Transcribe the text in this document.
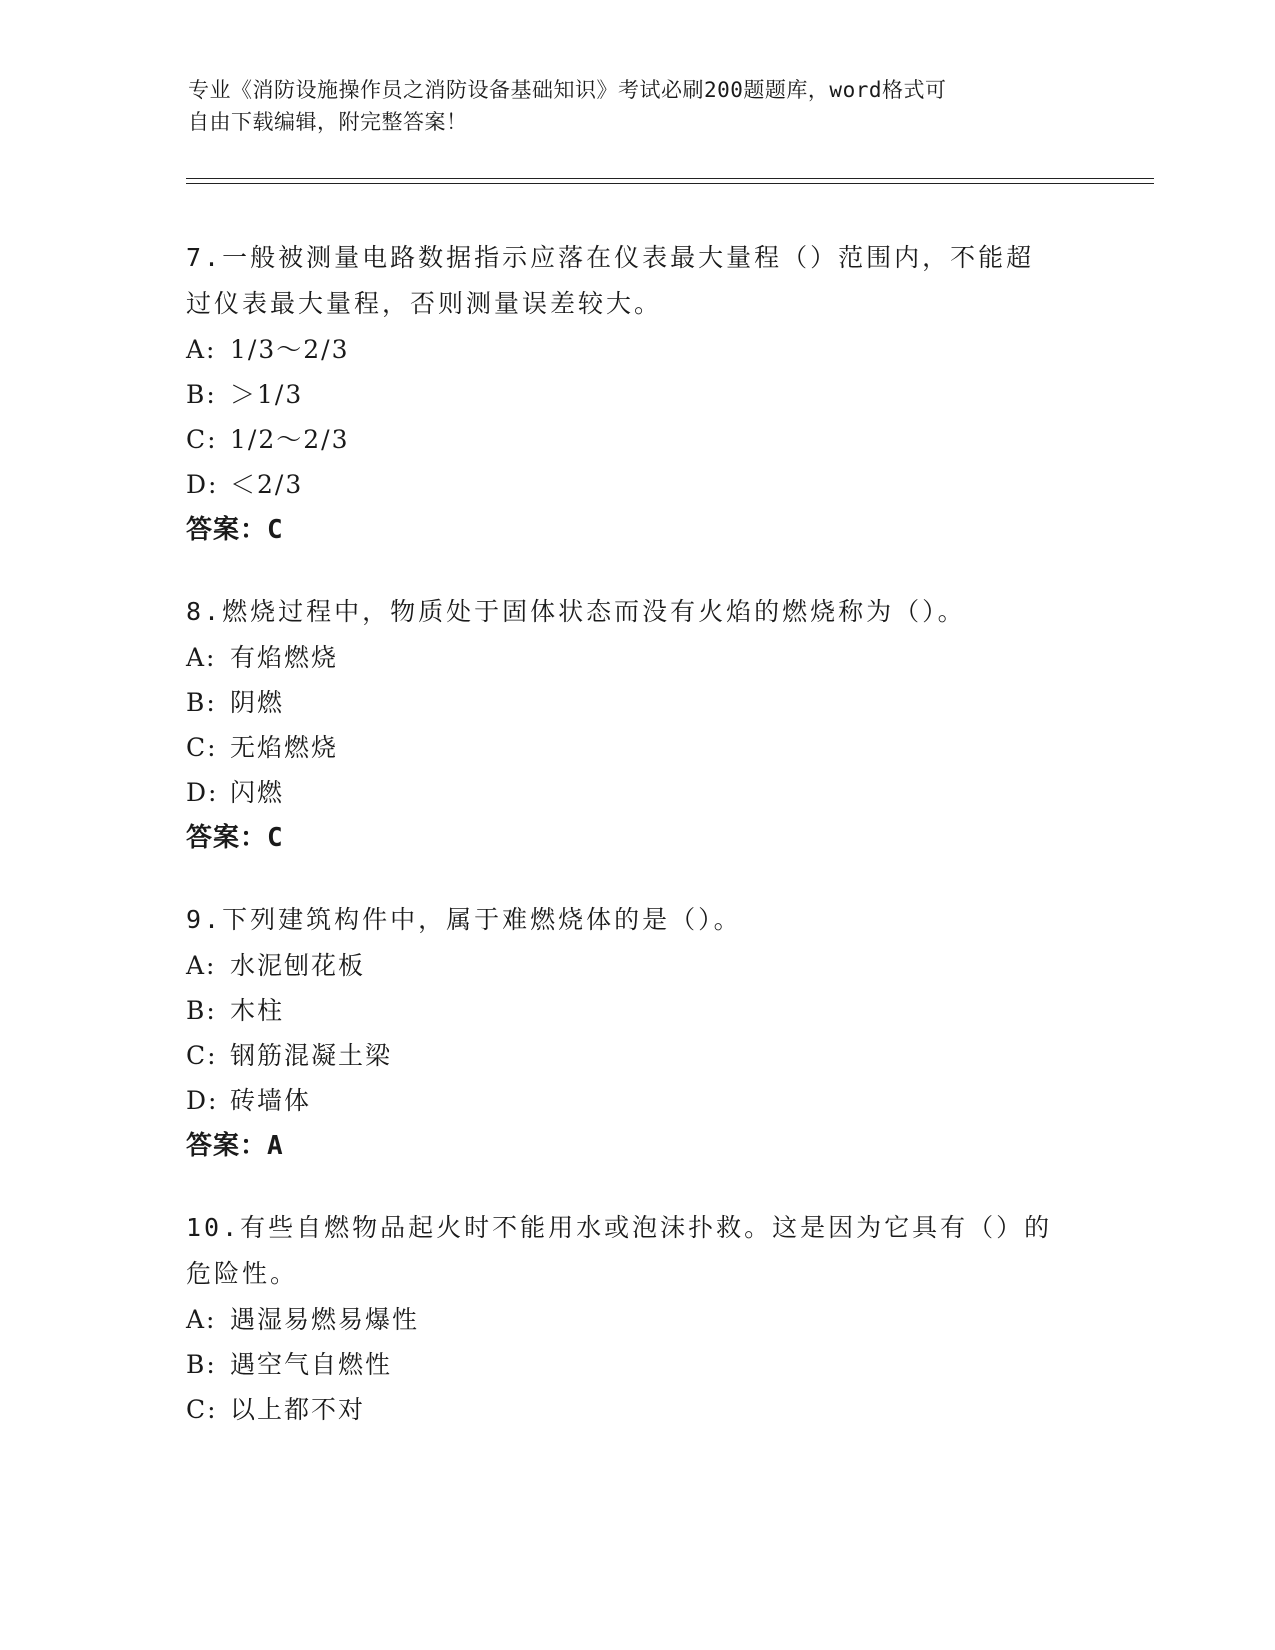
专业《消防设施操作员之消防设备基础知识》考试必刷200题题库，word格式可
自由下载编辑，附完整答案！
7.一般被测量电路数据指示应落在仪表最大量程（）范围内，不能超
过仪表最大量程，否则测量误差较大。
A: 1/3～2/3
B: ＞1/3
C: 1/2～2/3
D: ＜2/3
答案：C
8.燃烧过程中，物质处于固体状态而没有火焰的燃烧称为（）。
A: 有焰燃烧
B: 阴燃
C: 无焰燃烧
D: 闪燃
答案：C
9.下列建筑构件中，属于难燃烧体的是（）。
A: 水泥刨花板
B: 木柱
C: 钢筋混凝土梁
D: 砖墙体
答案：A
10.有些自燃物品起火时不能用水或泡沫扑救。这是因为它具有（）的
危险性。
A: 遇湿易燃易爆性
B: 遇空气自燃性
C: 以上都不对
